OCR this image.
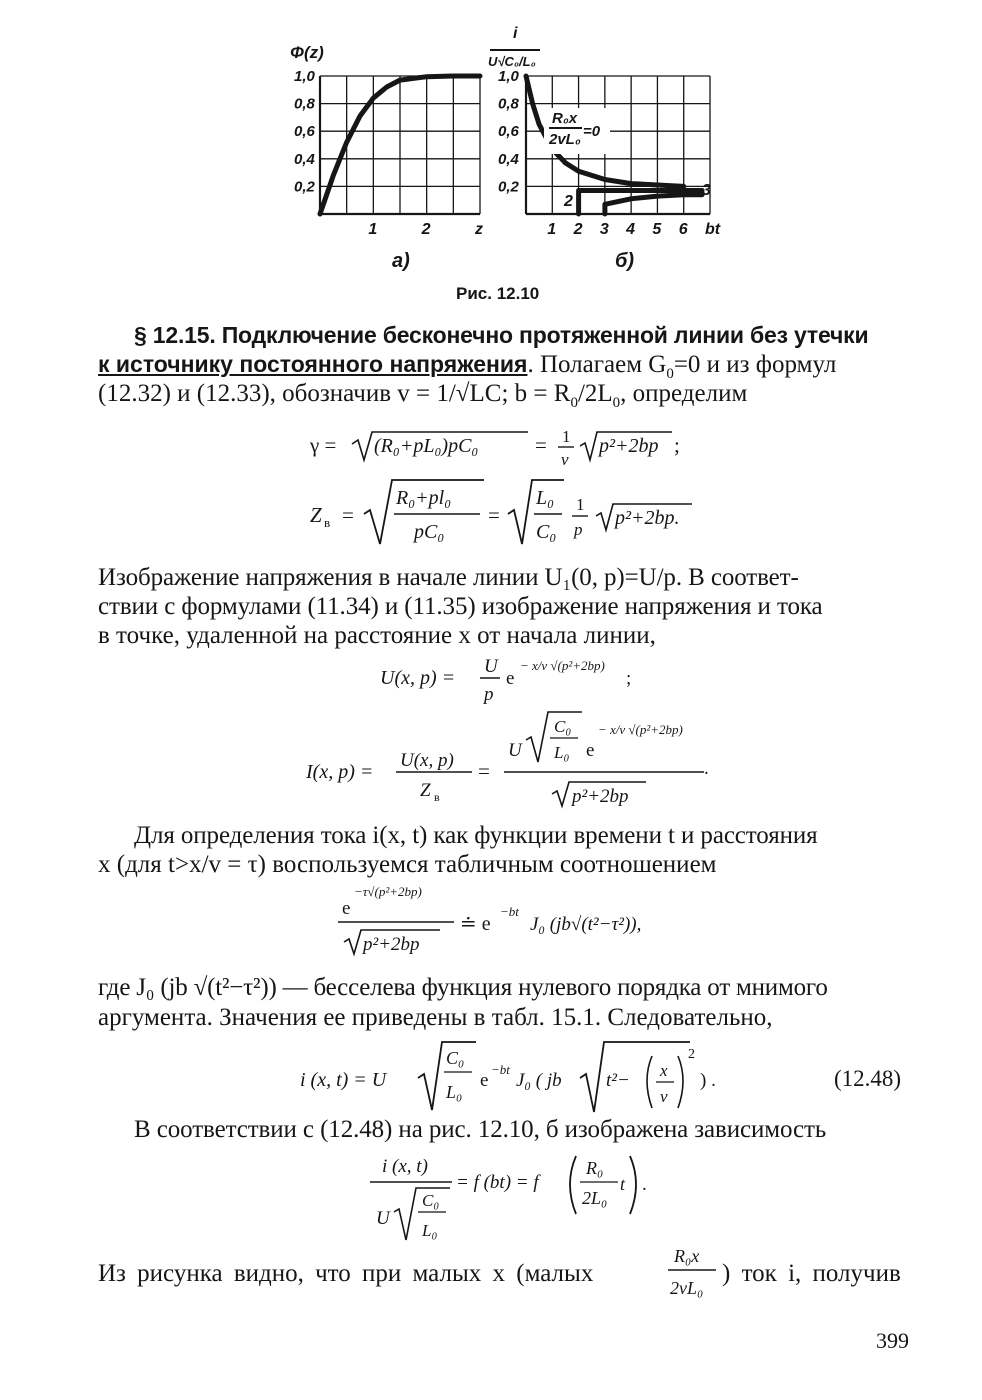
Φ(z)
1,0
0,8
0,6
0,4
0,2
1	2	z
а)
i
U√C₀/L₀
1,0
0,8
0,6
0,4
0,2
1 2 3 4 5 6 bt
R₀x
2vL₀ =0
2
3
б)
Рис. 12.10
§ 12.15. Подключение бесконечно протяженной линии без утечки
к источнику постоянного напряжения. Полагаем $G_0=0$ и из формул
(12.32) и (12.33), обозначив v = 1/√LC; $b = R_0/2L_0$, определим
γ = (R₀+pL₀)pC₀	= 1
v
p²+2bp ;
Z в =
R₀+pl₀
pC₀
=
L₀
C₀
1
p
p²+2bp.
Изображение напряжения в начале линии U₁(0, p)=U/p. В соответ-
ствии с формулами (11.34) и (11.35) изображение напряжения и тока
в точке, удаленной на расстояние x от начала линии,
U(x, p) =
U
p
e
− x/v √(p²+2bp)
;
I(x, p) =
U(x, p)
Z в
=
U
C₀
L₀ e
− x/v √(p²+2bp)
p²+2bp
.
Для определения тока i(x, t) как функции времени t и расстояния
x (для t>x/v = τ) воспользуемся табличным соотношением
e
−τ√(p²+2bp)
p²+2bp
≐ e
−bt
J₀ (jb√(t²−τ²)),
где J₀ (jb √(t²−τ²)) — бесселева функция нулевого порядка от мнимого
аргумента. Значения ее приведены в табл. 15.1. Следовательно,
i (x, t) = U
C₀
L₀
e
−bt
J₀ ( jb t²− x
v
2
) .	(12.48)
В соответствии с (12.48) на рис. 12.10, б изображена зависимость
i (x, t)
U
C₀
L₀
= f (bt) = f
R₀
2L₀
t .
Из рисунка видно, что при малых x (малых
R₀x
2vL₀
) ток i, получив
399
